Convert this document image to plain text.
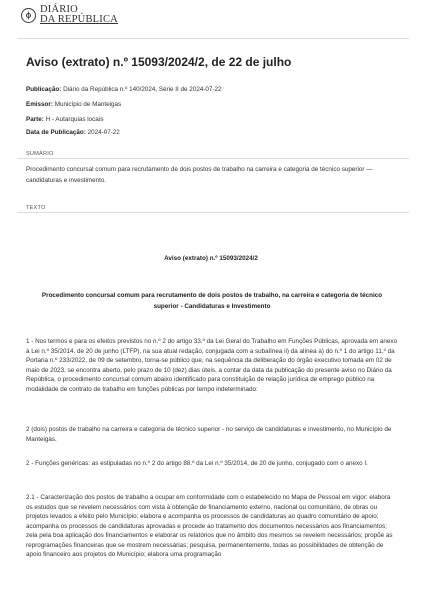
DIÁRIO
DA REPÚBLICA
Aviso (extrato) n.º 15093/2024/2, de 22 de julho
Publicação: Diário da República n.º 140/2024, Série II de 2024-07-22
Emissor: Município de Manteigas
Parte: H - Autarquias locais
Data de Publicação: 2024-07-22
SUMÁRIO
Procedimento concursal comum para recrutamento de dois postos de trabalho na carreira e categoria de técnico superior — candidaturas e investimento.
TEXTO
Aviso (extrato) n.º 15093/2024/2
Procedimento concursal comum para recrutamento de dois postos de trabalho, na carreira e categoria de técnico superior - Candidaturas e Investimento
1 - Nos termos e para os efeitos previstos no n.º 2 do artigo 33.º da Lei Geral do Trabalho em Funções Públicas, aprovada em anexo à Lei n.º 35/2014, de 20 de junho (LTFP), na sua atual redação, conjugada com a subalínea ii) da alínea a) do n.º 1 do artigo 11.º da Portaria n.º 233/2022, de 09 de setembro, torna-se público que, na sequência da deliberação do órgão executivo tomada em 02 de maio de 2023, se encontra aberto, pelo prazo de 10 (dez) dias úteis, a contar da data da publicação do presente aviso no Diário da República, o procedimento concursal comum abaixo identificado para constituição de relação jurídica de emprego público na modalidade de contrato de trabalho em funções públicas por tempo indeterminado:
2 (dois) postos de trabalho na carreira e categoria de técnico superior - no serviço de candidaturas e investimento, no Município de Manteigas.
2 - Funções genéricas: as estipuladas no n.º 2 do artigo 88.º da Lei n.º 35/2014, de 20 de junho, conjugado com o anexo I.
2.1 - Caracterização dos postos de trabalho a ocupar em conformidade com o estabelecido no Mapa de Pessoal em vigor: elabora os estudos que se revelem necessários com vista à obtenção de financiamento externo, nacional ou comunitário, de obras ou projetos levados a efeito pelo Município; elabora e acompanha os processos de candidaturas ao quadro comunitário de apoio; acompanha os processos de candidaturas aprovadas e procede ao tratamento dos documentos necessários aos financiamentos; zela pela boa aplicação dos financiamentos e elaborar os relatórios que no âmbito dos mesmos se revelem necessários; propõe as reprogramações financeiras que se mostrem necessárias; pesquisa, permanentemente, todas as possibilidades de obtenção de apoio financeiro aos projetos do Município; elabora uma programação
